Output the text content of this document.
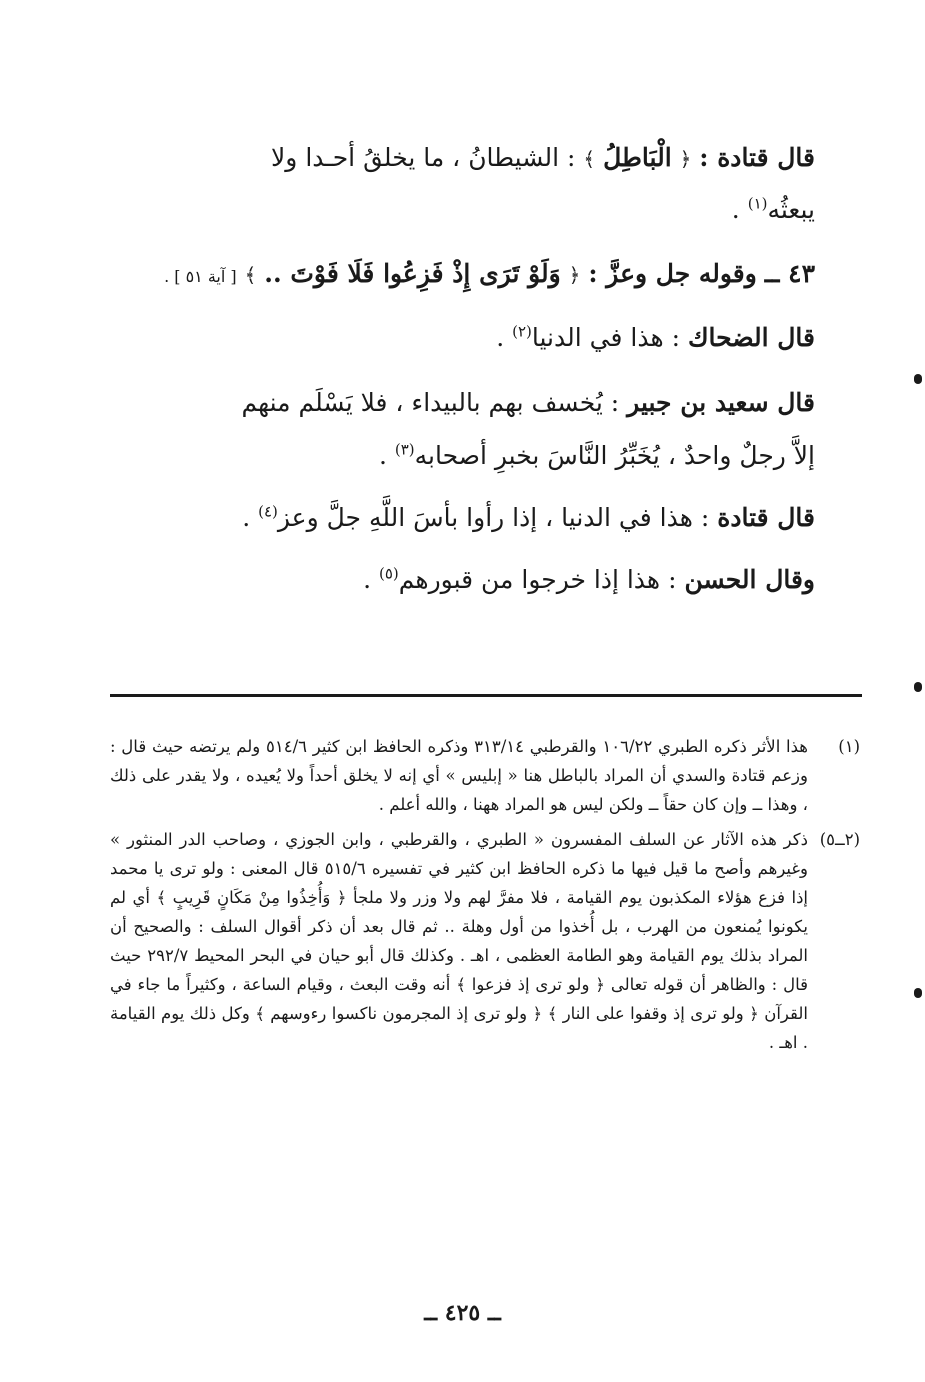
قال قتادة : ﴿ الْبَاطِلُ ﴾ : الشيطانُ ، ما يخلقُ أحـدا ولا
يبعثُه$^{(١)}$ .
٤٣ ــ وقوله جل وعزَّ : ﴿ وَلَوْ تَرَى إِذْ فَزِعُوا فَلَا فَوْتَ .. ﴾ [ آية ٥١ ] .
قال الضحاك : هذا في الدنيا$^{(٢)}$ .
قال سعيد بن جبير : يُخسف بهم بالبيداء ، فلا يَسْلَم منهم
إلاَّ رجلٌ واحدٌ ، يُخَبِّرُ النَّاسَ بخبرِ أصحابه$^{(٣)}$ .
قال قتادة : هذا في الدنيا ، إذا رأوا بأسَ اللَّهِ جلَّ وعز$^{(٤)}$ .
وقال الحسن : هذا إذا خرجوا من قبورهم$^{(٥)}$ .

(١)
هذا الأثر ذكره الطبري ١٠٦/٢٢ والقرطبي ٣١٣/١٤ وذكره الحافظ ابن كثير ٥١٤/٦ ولم يرتضه حيث قال : وزعم قتادة والسدي أن المراد بالباطل هنا « إبليس » أي إنه لا يخلق أحداً ولا يُعيده ، ولا يقدر على ذلك ، وهذا ــ وإن كان حقاً ــ ولكن ليس هو المراد ههنا ، والله أعلم .

(٢ــ٥)
ذكر هذه الآثار عن السلف المفسرون « الطبري ، والقرطبي ، وابن الجوزي ، وصاحب الدر المنثور » وغيرهم وأصح ما قيل فيها ما ذكره الحافظ ابن كثير في تفسيره ٥١٥/٦ قال المعنى : ولو ترى يا محمد إذا فزع هؤلاء المكذبون يوم القيامة ، فلا مفرَّ لهم ولا وزر ولا ملجأ ﴿ وَأُخِذُوا مِنْ مَكَانٍ قَرِيبٍ ﴾ أي لم يكونوا يُمنعون من الهرب ، بل أُخذوا من أول وهلة .. ثم قال بعد أن ذكر أقوال السلف : والصحيح أن المراد بذلك يوم القيامة وهو الطامة العظمى ، اهـ . وكذلك قال أبو حيان في البحر المحيط ٢٩٢/٧ حيث قال : والظاهر أن قوله تعالى ﴿ ولو ترى إذ فزعوا ﴾ أنه وقت البعث ، وقيام الساعة ، وكثيراً ما جاء في القرآن ﴿ ولو ترى إذ وقفوا على النار ﴾ ﴿ ولو ترى إذ المجرمون ناكسوا رءوسهم ﴾ وكل ذلك يوم القيامة . اهـ .

ــ ٤٢٥ ــ
